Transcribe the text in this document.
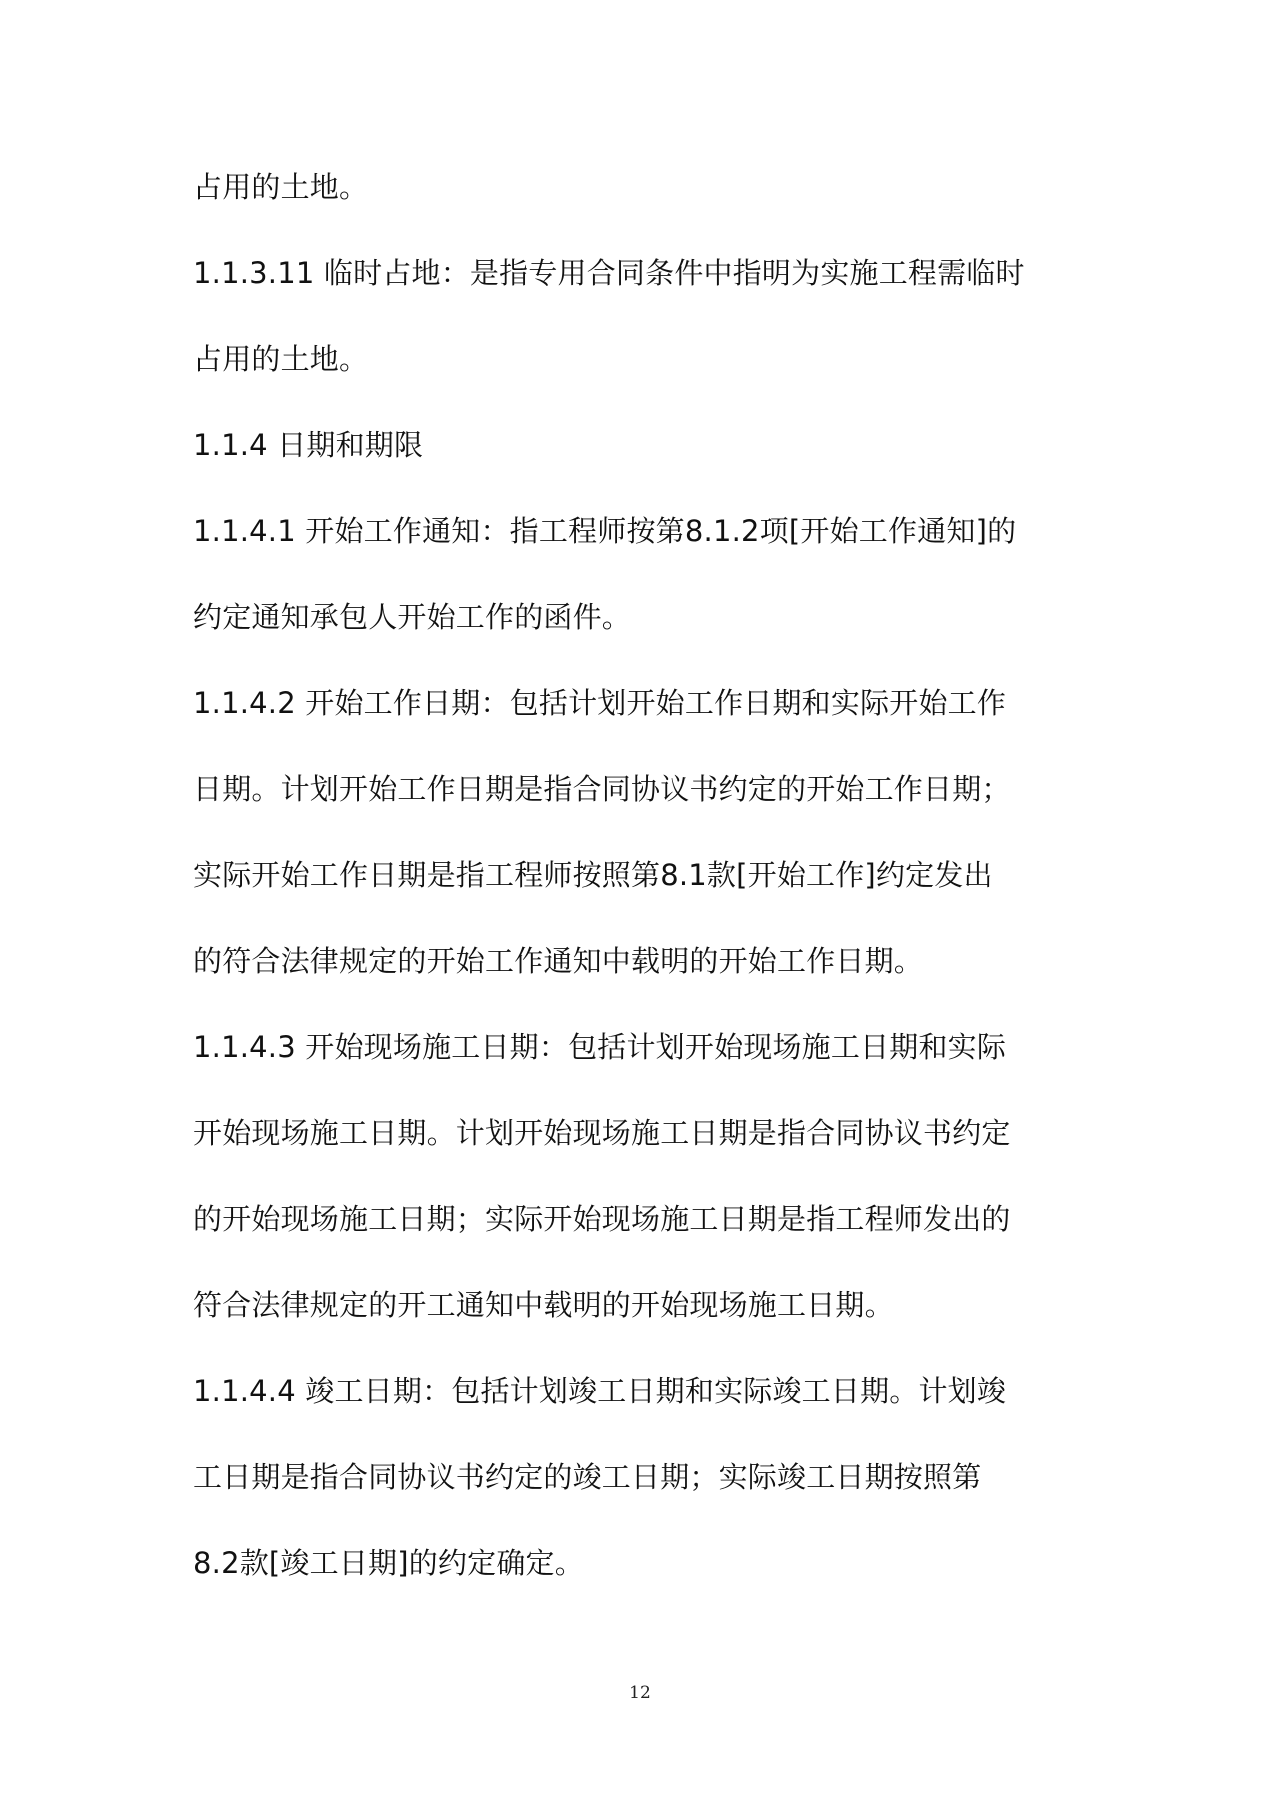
占用的土地。

1.1.3.11 临时占地：是指专用合同条件中指明为实施工程需临时
占用的土地。

1.1.4 日期和期限

1.1.4.1 开始工作通知：指工程师按第8.1.2项[开始工作通知]的
约定通知承包人开始工作的函件。

1.1.4.2 开始工作日期：包括计划开始工作日期和实际开始工作
日期。计划开始工作日期是指合同协议书约定的开始工作日期；
实际开始工作日期是指工程师按照第8.1款[开始工作]约定发出
的符合法律规定的开始工作通知中载明的开始工作日期。

1.1.4.3 开始现场施工日期：包括计划开始现场施工日期和实际
开始现场施工日期。计划开始现场施工日期是指合同协议书约定
的开始现场施工日期；实际开始现场施工日期是指工程师发出的
符合法律规定的开工通知中载明的开始现场施工日期。

1.1.4.4 竣工日期：包括计划竣工日期和实际竣工日期。计划竣
工日期是指合同协议书约定的竣工日期；实际竣工日期按照第
8.2款[竣工日期]的约定确定。

12
